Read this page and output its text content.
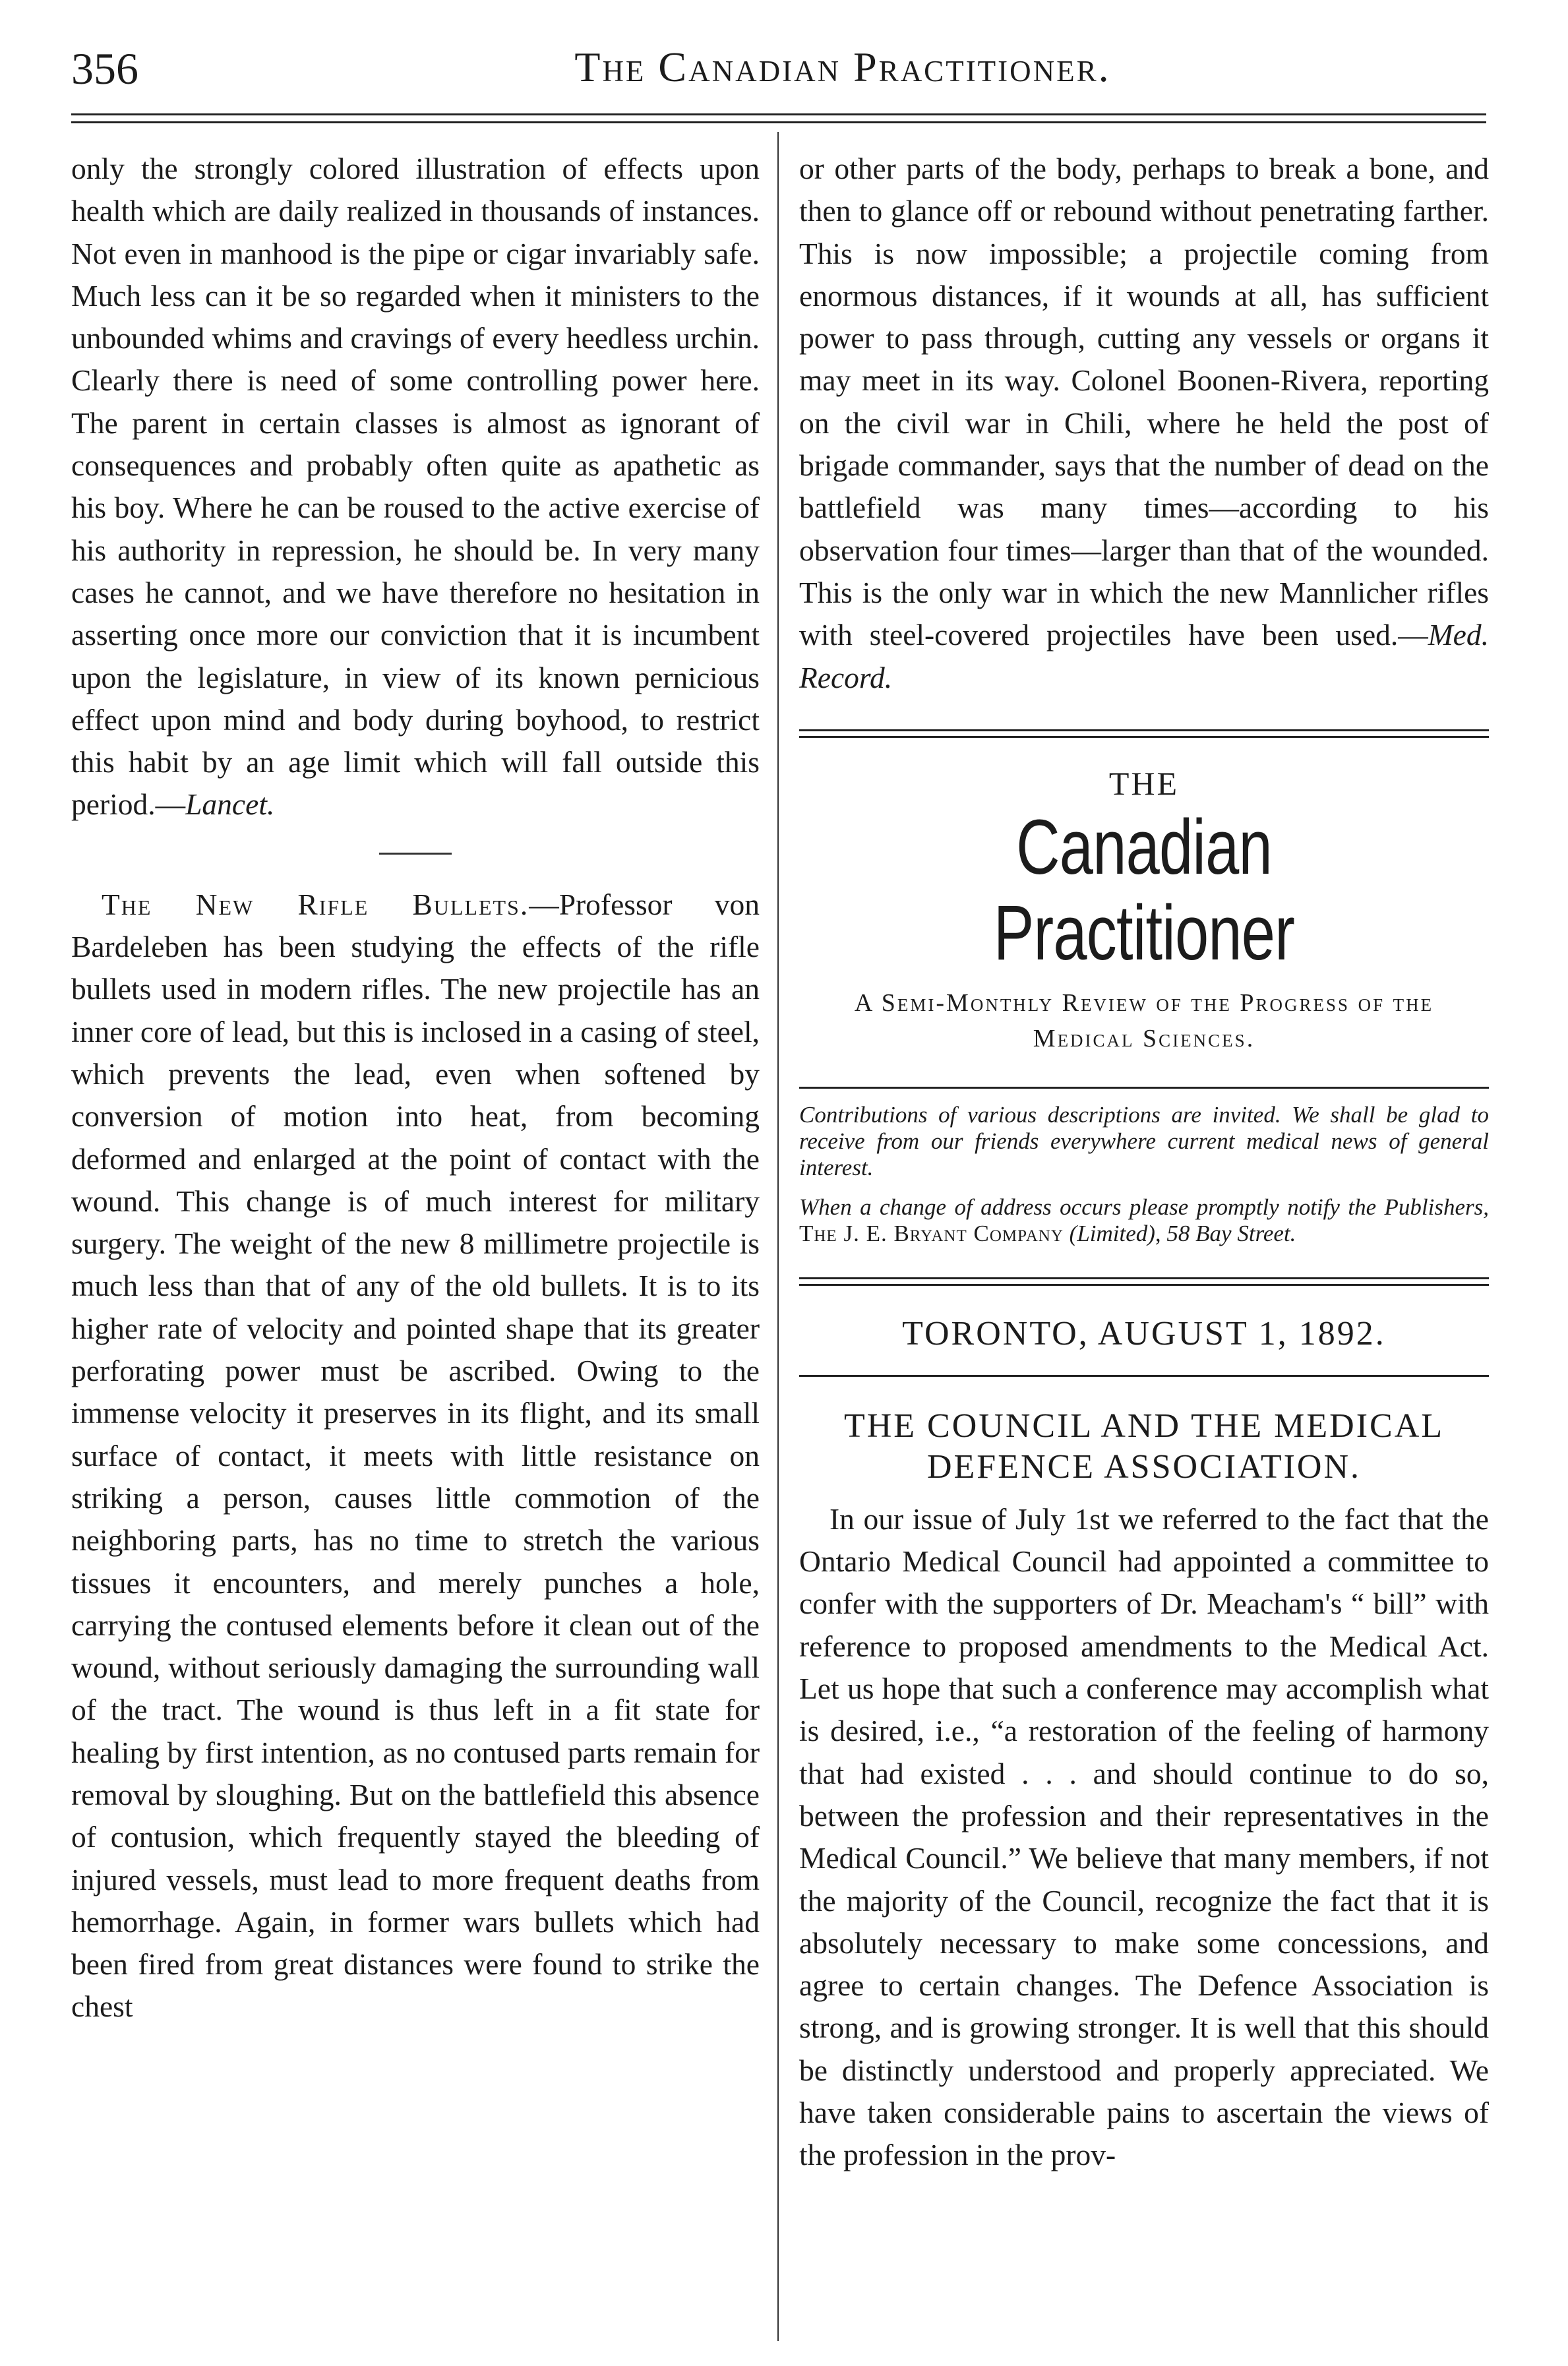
356	The Canadian Practitioner.

only the strongly colored illustration of effects upon health which are daily realized in thousands of instances. Not even in manhood is the pipe or cigar invariably safe. Much less can it be so regarded when it ministers to the unbounded whims and cravings of every heedless urchin. Clearly there is need of some controlling power here. The parent in certain classes is almost as ignorant of consequences and probably often quite as apathetic as his boy. Where he can be roused to the active exercise of his authority in repression, he should be. In very many cases he cannot, and we have therefore no hesitation in asserting once more our conviction that it is incumbent upon the legislature, in view of its known pernicious effect upon mind and body during boyhood, to restrict this habit by an age limit which will fall outside this period.—Lancet.

The New Rifle Bullets.—Professor von Bardeleben has been studying the effects of the rifle bullets used in modern rifles. The new projectile has an inner core of lead, but this is inclosed in a casing of steel, which prevents the lead, even when softened by conversion of motion into heat, from becoming deformed and enlarged at the point of contact with the wound. This change is of much interest for military surgery. The weight of the new 8 millimetre projectile is much less than that of any of the old bullets. It is to its higher rate of velocity and pointed shape that its greater perforating power must be ascribed. Owing to the immense velocity it preserves in its flight, and its small surface of contact, it meets with little resistance on striking a person, causes little commotion of the neighboring parts, has no time to stretch the various tissues it encounters, and merely punches a hole, carrying the contused elements before it clean out of the wound, without seriously damaging the surrounding wall of the tract. The wound is thus left in a fit state for healing by first intention, as no contused parts remain for removal by sloughing. But on the battlefield this absence of contusion, which frequently stayed the bleeding of injured vessels, must lead to more frequent deaths from hemorrhage. Again, in former wars bullets which had been fired from great distances were found to strike the chest

or other parts of the body, perhaps to break a bone, and then to glance off or rebound without penetrating farther. This is now impossible; a projectile coming from enormous distances, if it wounds at all, has sufficient power to pass through, cutting any vessels or organs it may meet in its way. Colonel Boonen-Rivera, reporting on the civil war in Chili, where he held the post of brigade commander, says that the number of dead on the battlefield was many times—according to his observation four times—larger than that of the wounded. This is the only war in which the new Mannlicher rifles with steel-covered projectiles have been used.—Med. Record.

THE
Canadian Practitioner
A Semi-Monthly Review of the Progress of the Medical Sciences.

Contributions of various descriptions are invited. We shall be glad to receive from our friends everywhere current medical news of general interest.

When a change of address occurs please promptly notify the Publishers, The J. E. Bryant Company (Limited), 58 Bay Street.

TORONTO, AUGUST 1, 1892.
THE COUNCIL AND THE MEDICAL DEFENCE ASSOCIATION.

In our issue of July 1st we referred to the fact that the Ontario Medical Council had appointed a committee to confer with the supporters of Dr. Meacham's “ bill” with reference to proposed amendments to the Medical Act. Let us hope that such a conference may accomplish what is desired, i.e., “a restoration of the feeling of harmony that had existed . . . and should continue to do so, between the profession and their representatives in the Medical Council.” We believe that many members, if not the majority of the Council, recognize the fact that it is absolutely necessary to make some concessions, and agree to certain changes. The Defence Association is strong, and is growing stronger. It is well that this should be distinctly understood and properly appreciated. We have taken considerable pains to ascertain the views of the profession in the prov-
